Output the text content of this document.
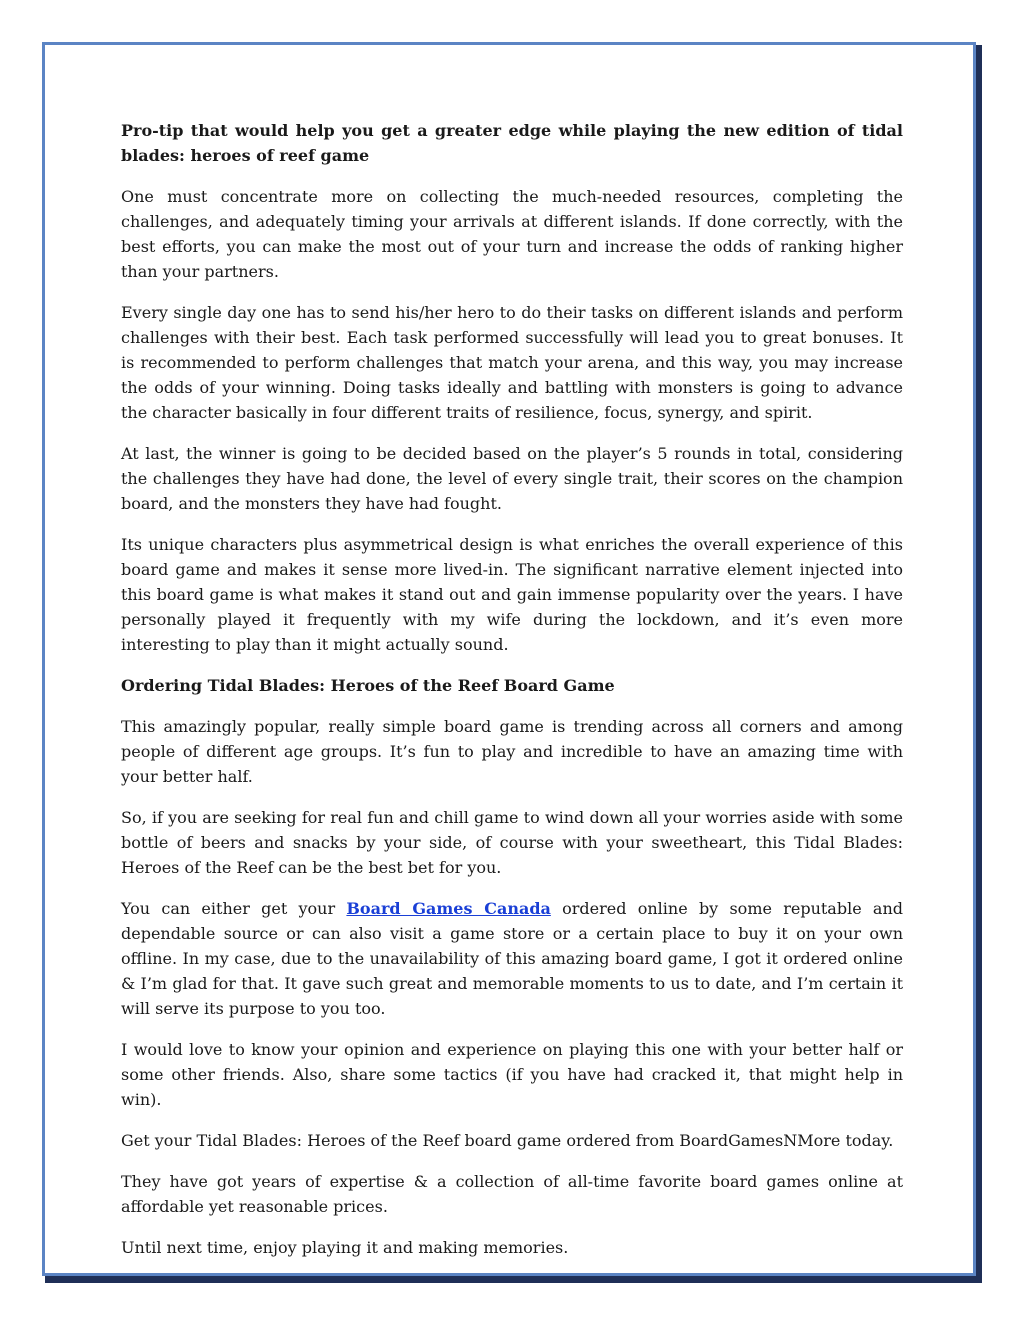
Pro-tip that would help you get a greater edge while playing the new edition of tidal blades: heroes of reef game

One must concentrate more on collecting the much-needed resources, completing the challenges, and adequately timing your arrivals at different islands. If done correctly, with the best efforts, you can make the most out of your turn and increase the odds of ranking higher than your partners.

Every single day one has to send his/her hero to do their tasks on different islands and perform challenges with their best. Each task performed successfully will lead you to great bonuses. It is recommended to perform challenges that match your arena, and this way, you may increase the odds of your winning. Doing tasks ideally and battling with monsters is going to advance the character basically in four different traits of resilience, focus, synergy, and spirit.

At last, the winner is going to be decided based on the player’s 5 rounds in total, considering the challenges they have had done, the level of every single trait, their scores on the champion board, and the monsters they have had fought.

Its unique characters plus asymmetrical design is what enriches the overall experience of this board game and makes it sense more lived-in. The significant narrative element injected into this board game is what makes it stand out and gain immense popularity over the years. I have personally played it frequently with my wife during the lockdown, and it’s even more interesting to play than it might actually sound.

Ordering Tidal Blades: Heroes of the Reef Board Game

This amazingly popular, really simple board game is trending across all corners and among people of different age groups. It’s fun to play and incredible to have an amazing time with your better half.

So, if you are seeking for real fun and chill game to wind down all your worries aside with some bottle of beers and snacks by your side, of course with your sweetheart, this Tidal Blades: Heroes of the Reef can be the best bet for you.

You can either get your Board Games Canada ordered online by some reputable and dependable source or can also visit a game store or a certain place to buy it on your own offline. In my case, due to the unavailability of this amazing board game, I got it ordered online & I’m glad for that. It gave such great and memorable moments to us to date, and I’m certain it will serve its purpose to you too.

I would love to know your opinion and experience on playing this one with your better half or some other friends. Also, share some tactics (if you have had cracked it, that might help in win).

Get your Tidal Blades: Heroes of the Reef board game ordered from BoardGamesNMore today.

They have got years of expertise & a collection of all-time favorite board games online at affordable yet reasonable prices.

Until next time, enjoy playing it and making memories.
